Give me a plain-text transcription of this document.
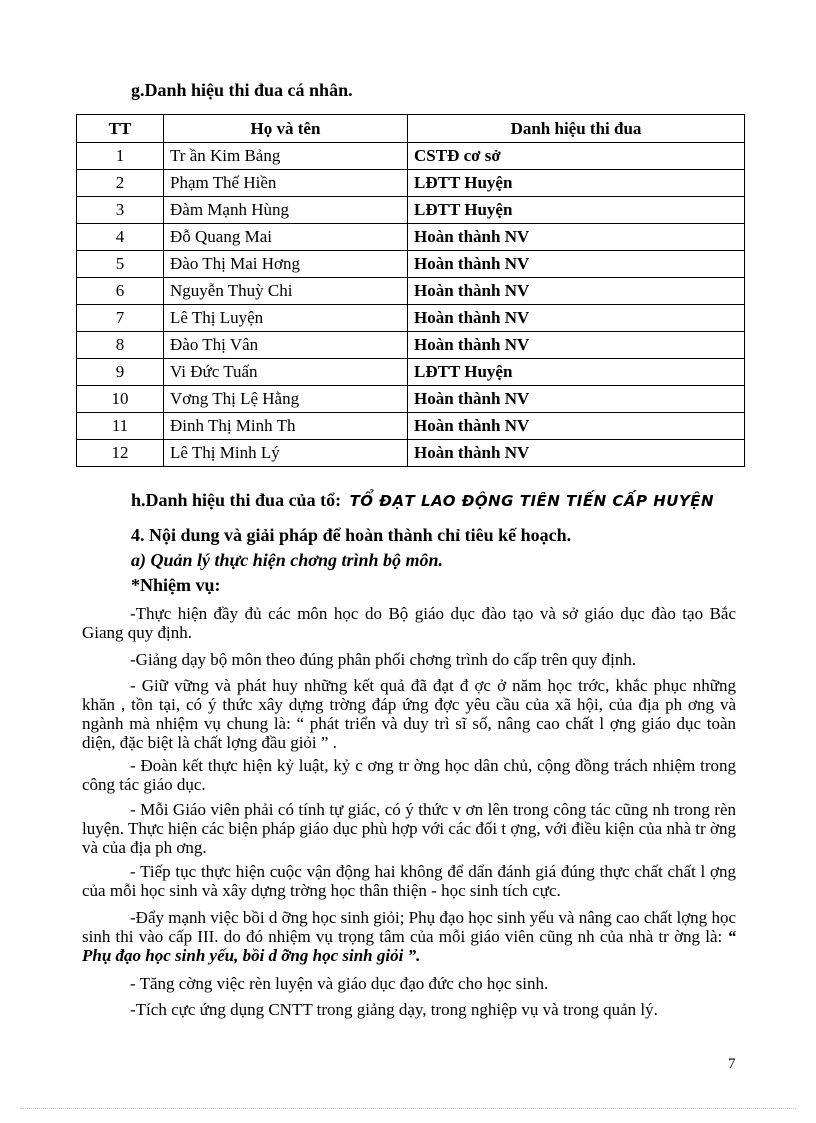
g.Danh hiệu thi đua cá nhân.
TT	Họ và tên	Danh hiệu thi đua
1	Tr ần Kim Bảng	CSTĐ cơ sở
2	Phạm Thế Hiền	LĐTT Huyện
3	Đàm Mạnh Hùng	LĐTT Huyện
4	Đỗ Quang Mai	Hoàn thành NV
5	Đào Thị Mai Hơng	Hoàn thành NV
6	Nguyễn Thuỳ Chi	Hoàn thành NV
7	Lê Thị Luyện	Hoàn thành NV
8	Đào Thị Vân	Hoàn thành NV
9	Vi Đức Tuấn	LĐTT Huyện
10	Vơng Thị Lệ Hằng	Hoàn thành NV
11	Đinh Thị Minh Th	Hoàn thành NV
12	Lê Thị Minh Lý	Hoàn thành NV
h.Danh hiệu thi đua của tổ: TỔ ĐẠT LAO ĐỘNG TIÊN TIẾN CẤP HUYỆN
4. Nội dung và giải pháp để hoàn thành chỉ tiêu kế hoạch.
a) Quản lý thực hiện chơng trình bộ môn.
*Nhiệm vụ:
-Thực hiện đầy đủ các môn học do Bộ giáo dục đào tạo và sở giáo dục đào tạo Bắc Giang quy định.
-Giảng dạy bộ môn theo đúng phân phối chơng trình do cấp trên quy định.
- Giữ vững và phát huy những kết quả đã đạt đ ợc ở năm học trớc, khắc phục những khăn , tồn tại, có ý thức xây dựng trờng đáp ứng đợc yêu cầu của xã hội, của địa ph ơng và ngành mà nhiệm vụ chung là: “ phát triển và duy trì sĩ số, nâng cao chất l ợng giáo dục toàn diện, đặc biệt là chất lợng đầu giỏi ” .
- Đoàn kết thực hiện kỷ luật, kỷ c ơng tr ờng học dân chủ, cộng đồng trách nhiệm trong công tác giáo dục.
- Mỗi Giáo viên phải có tính tự giác, có ý thức v ơn lên trong công tác cũng nh trong rèn luyện. Thực hiện các biện pháp giáo dục phù hợp với các đối t ợng, với điều kiện của nhà tr ờng và của địa ph ơng.
- Tiếp tục thực hiện cuộc vận động hai không để dẩn đánh giá đúng thực chất chất l ợng của mỗi học sinh và xây dựng trờng học thân thiện - học sinh tích cực.
-Đẩy mạnh việc bồi d ỡng học sinh giỏi; Phụ đạo học sinh yếu và nâng cao chất lợng học sinh thi vào cấp III. do đó nhiệm vụ trọng tâm của mỗi giáo viên cũng nh của nhà tr ờng là: “ Phụ đạo học sinh yếu, bồi d ỡng học sinh giỏi ”.
- Tăng cờng việc rèn luyện và giáo dục đạo đức cho học sinh.
-Tích cực ứng dụng CNTT trong giảng dạy, trong nghiệp vụ và trong quản lý.
7
